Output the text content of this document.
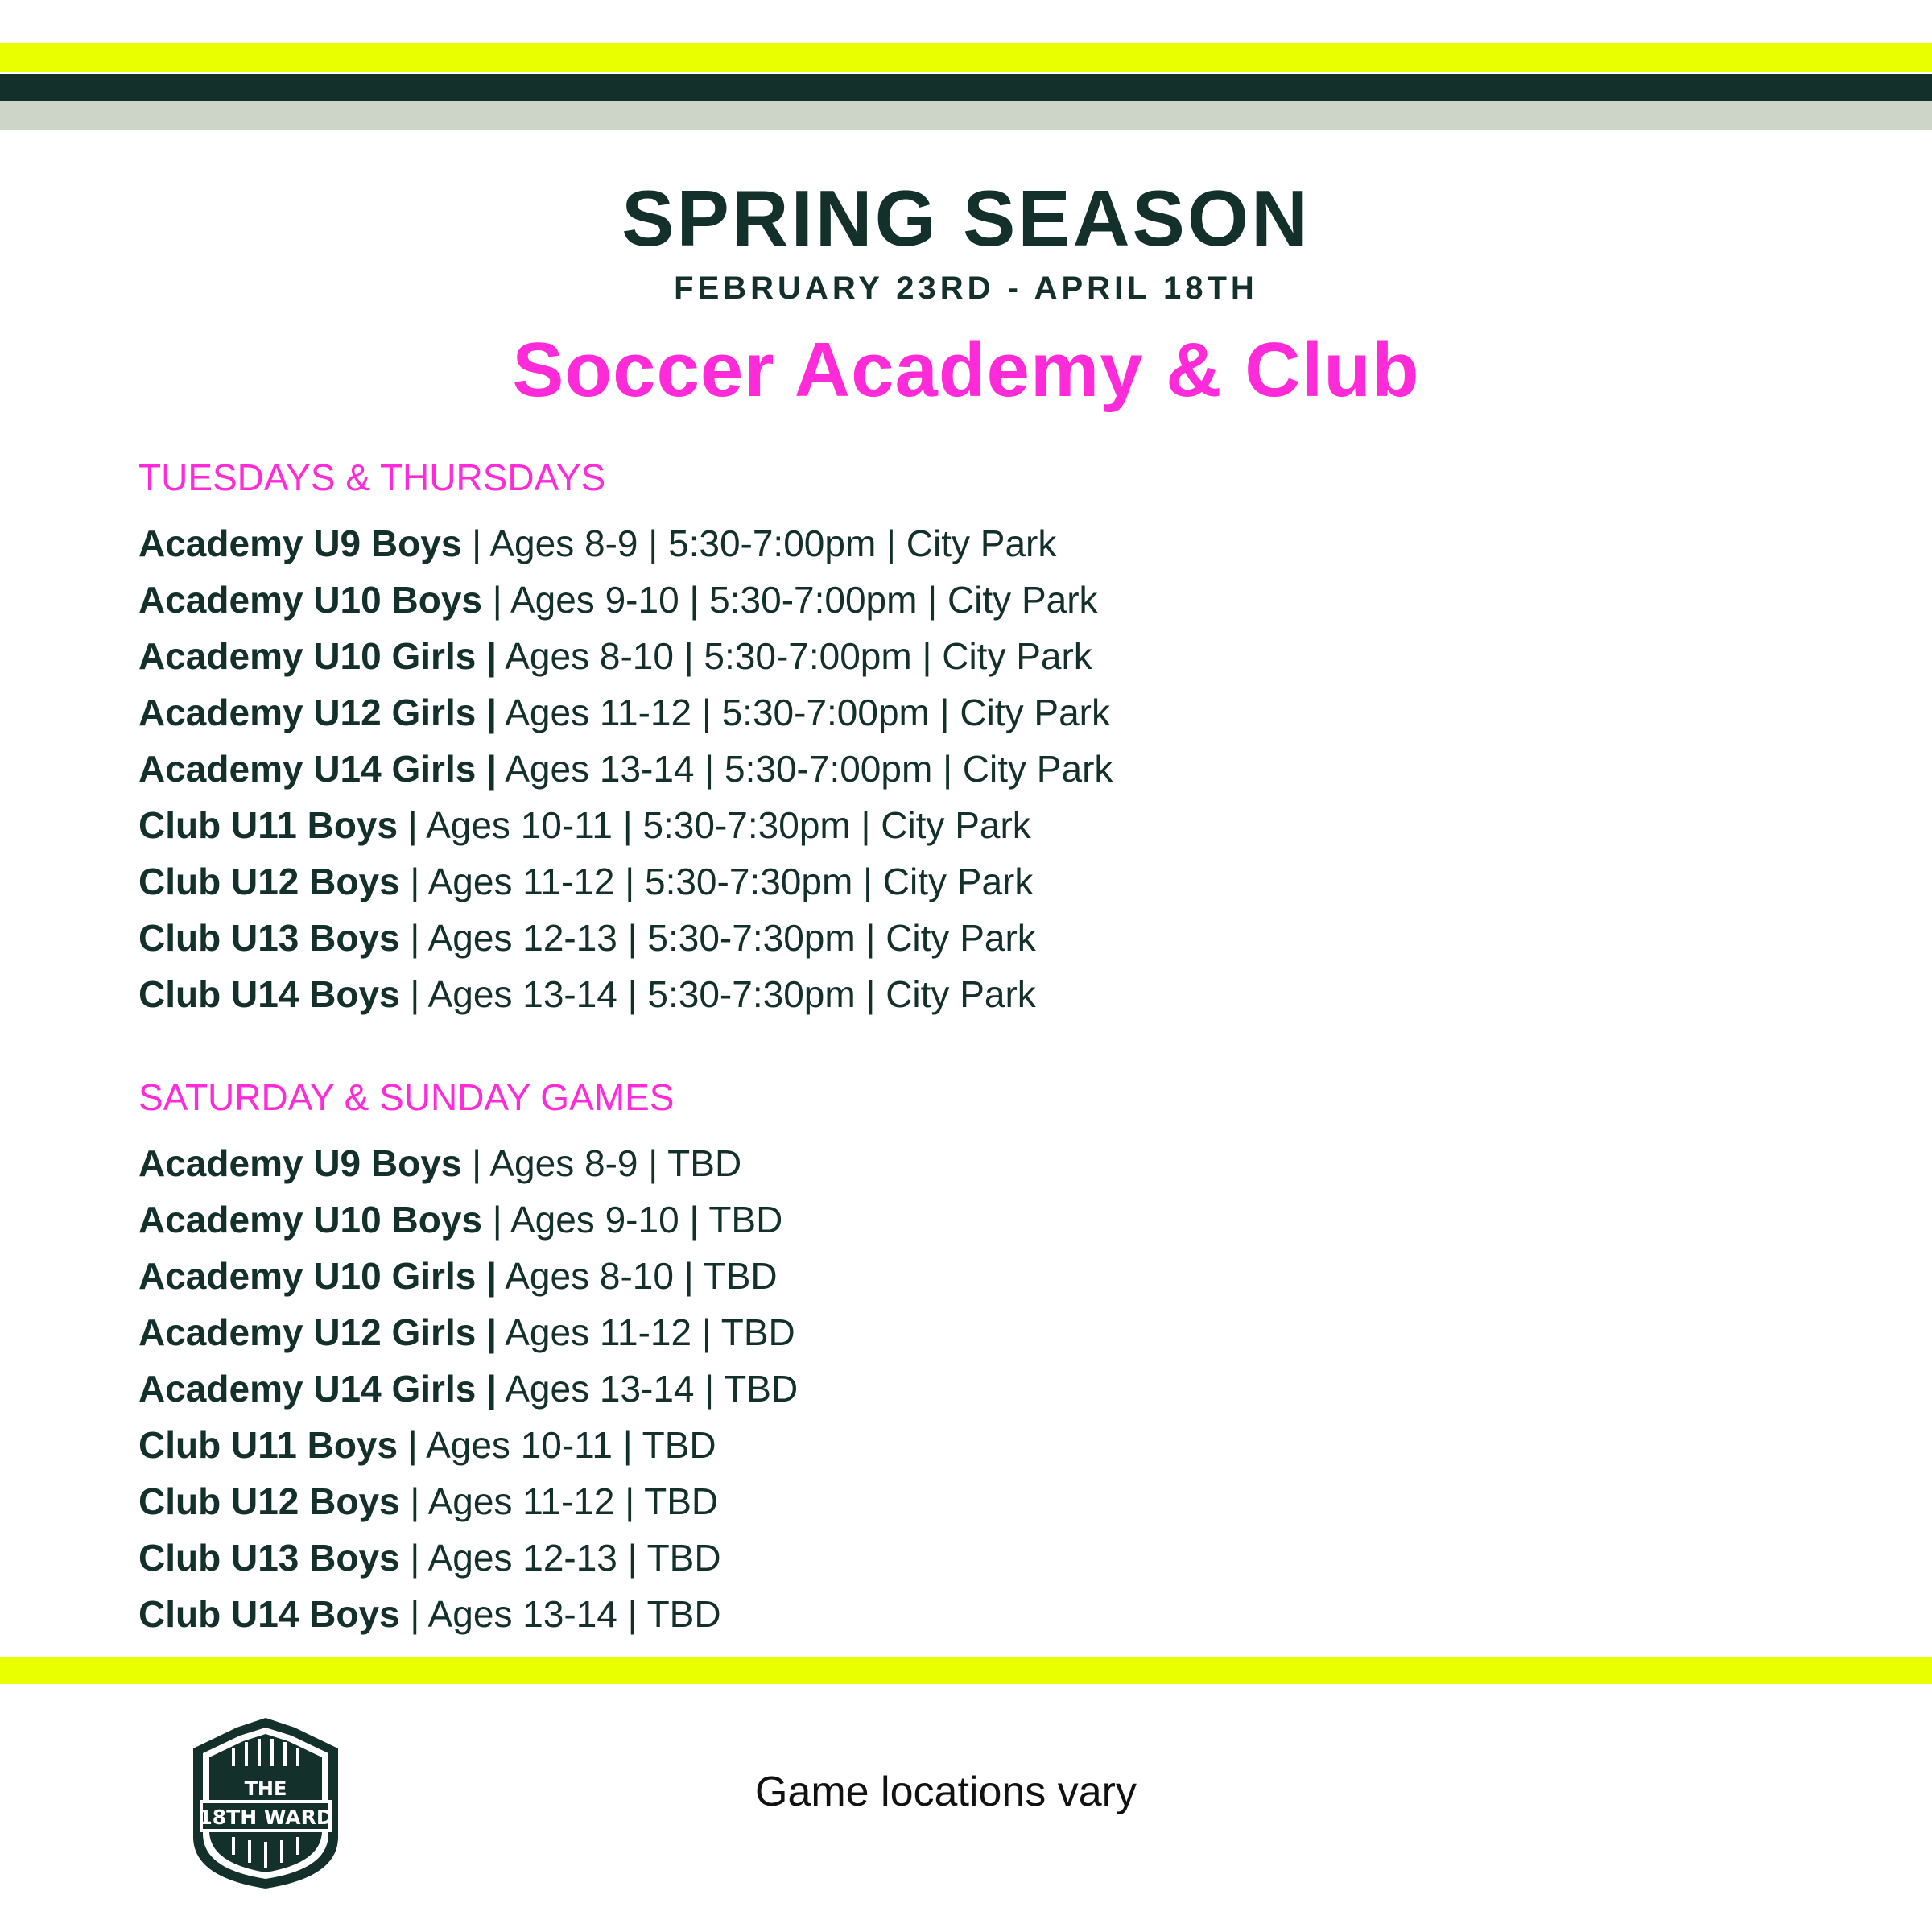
SPRING SEASON
FEBRUARY 23RD - APRIL 18TH
Soccer Academy & Club
TUESDAYS & THURSDAYS
Academy U9 Boys | Ages 8-9 | 5:30-7:00pm | City Park
Academy U10 Boys | Ages 9-10 | 5:30-7:00pm | City Park
Academy U10 Girls | Ages 8-10 | 5:30-7:00pm | City Park
Academy U12 Girls | Ages 11-12 | 5:30-7:00pm | City Park
Academy U14 Girls | Ages 13-14 | 5:30-7:00pm | City Park
Club U11 Boys | Ages 10-11 | 5:30-7:30pm | City Park
Club U12 Boys | Ages 11-12 | 5:30-7:30pm | City Park
Club U13 Boys | Ages 12-13 | 5:30-7:30pm | City Park
Club U14 Boys | Ages 13-14 | 5:30-7:30pm | City Park
SATURDAY & SUNDAY GAMES
Academy U9 Boys | Ages 8-9 | TBD
Academy U10 Boys | Ages 9-10 | TBD
Academy U10 Girls | Ages 8-10 | TBD
Academy U12 Girls | Ages 11-12 | TBD
Academy U14 Girls | Ages 13-14 | TBD
Club U11 Boys | Ages 10-11 | TBD
Club U12 Boys | Ages 11-12 | TBD
Club U13 Boys | Ages 12-13 | TBD
Club U14 Boys | Ages 13-14 | TBD
THE
18TH WARD
Game locations vary
